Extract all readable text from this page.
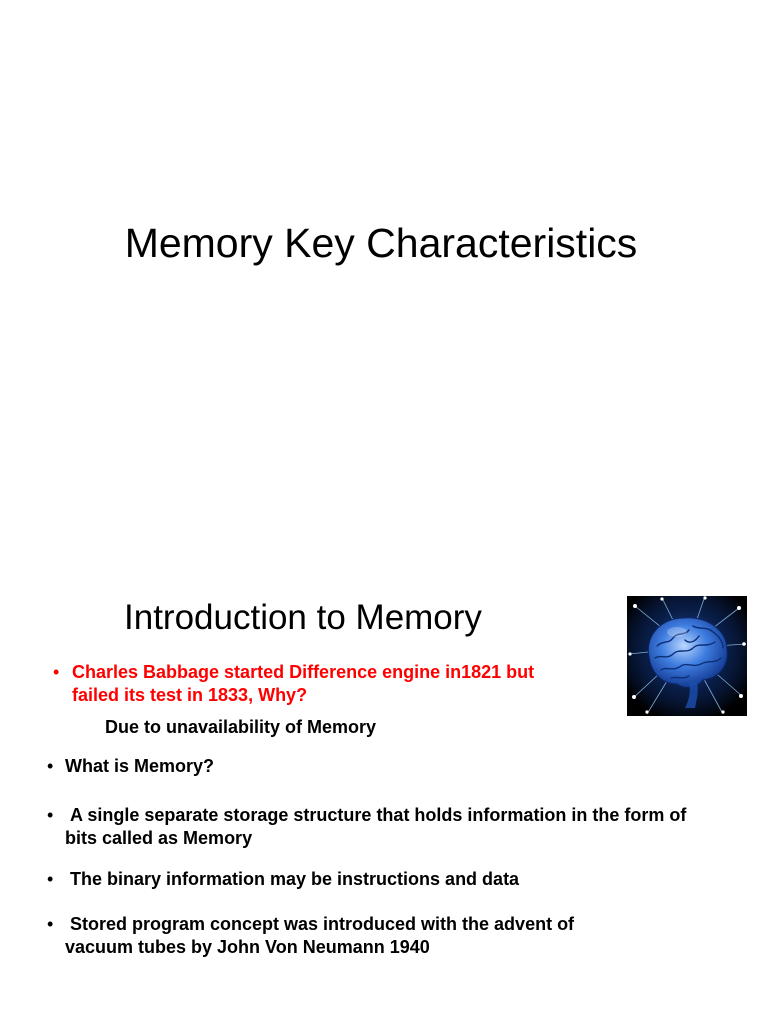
Memory Key Characteristics
Introduction to Memory

• Charles Babbage started Difference engine in1821 but
failed its test in 1833, Why?

Due to unavailability of Memory

• What is Memory?

• A single separate storage structure that holds information in the form of
bits called as Memory

• The binary information may be instructions and data

• Stored program concept was introduced with the advent of
vacuum tubes by John Von Neumann 1940
